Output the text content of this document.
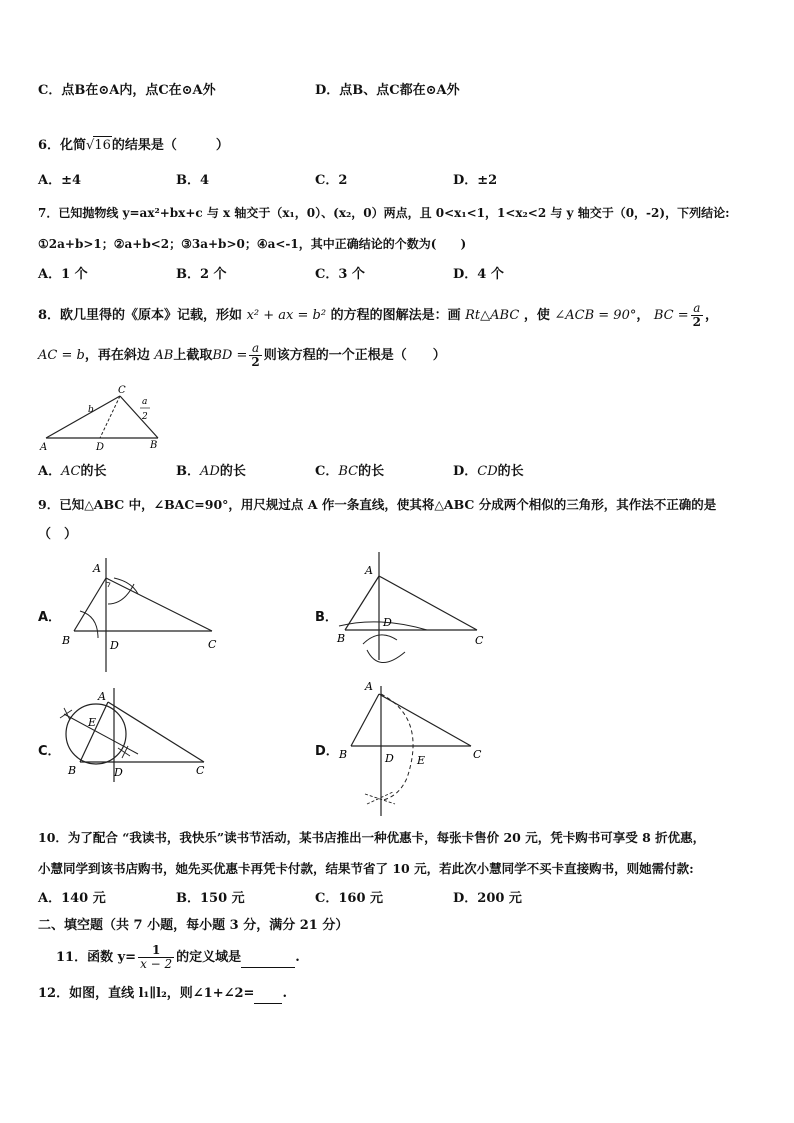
C．点B在⊙A内，点C在⊙A外	D．点B、点C都在⊙A外
6．化简√16的结果是（　　　）
A．±4	B．4	C．2	D．±2
7．已知抛物线 y=ax²+bx+c 与 x 轴交于（x₁，0）、(x₂，0）两点，且 0<x₁<1，1<x₂<2 与 y 轴交于（0，-2)，下列结论:
①2a+b>1；②a+b<2；③3a+b>0；④a<-1，其中正确结论的个数为(　　)
A．1 个	B．2 个	C．3 个	D．4 个
8．欧几里得的《原本》记载，形如 x² + ax = b² 的方程的图解法是：画 Rt△ABC ，使 ∠ACB = 90°， BC = $\frac{a}{2}$ ，
AC = b，再在斜边 AB上截取BD = $\frac{a}{2}$ 则该方程的一个正根是（　　）
A	D	B
C
b
a
2
A．AC的长	B．AD的长	C．BC的长	D．CD的长
9．已知△ABC 中，∠BAC=90°，用尺规过点 A 作一条直线，使其将△ABC 分成两个相似的三角形，其作法不正确的是
（　）
A．
A
B	D	C
B．
A
B
D
C
C．
A
E
B	D	C
D．
A
B	D E	C
10．为了配合 “我读书，我快乐”读书节活动，某书店推出一种优惠卡，每张卡售价 20 元，凭卡购书可享受 8 折优惠，
小慧同学到该书店购书，她先买优惠卡再凭卡付款，结果节省了 10 元，若此次小慧同学不买卡直接购书，则她需付款:
A．140 元	B．150 元	C．160 元	D．200 元
二、填空题（共 7 小题，每小题 3 分，满分 21 分）
11．函数 $y= \frac{1}{x - 2}$ 的定义域是	.
12．如图，直线 l₁∥l₂，则∠1+∠2= .
